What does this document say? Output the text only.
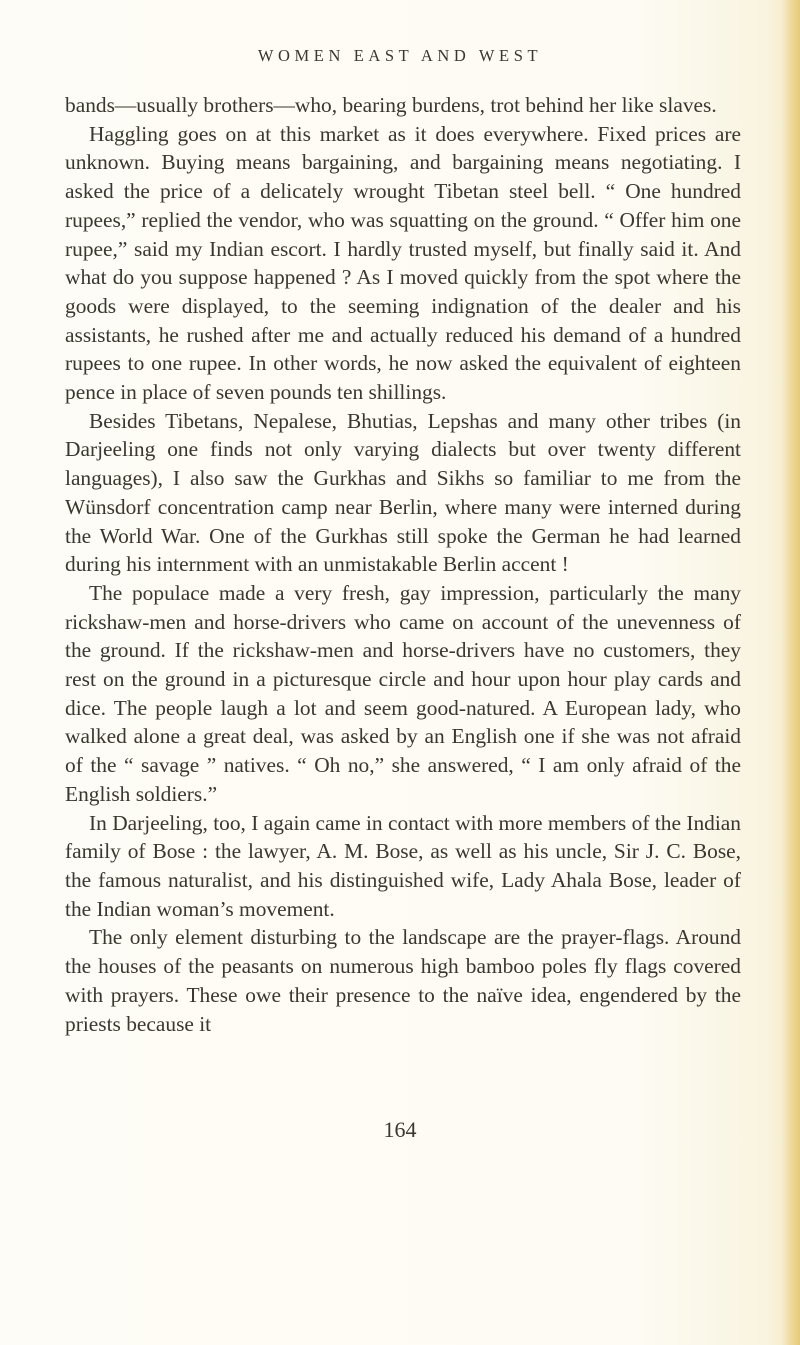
WOMEN EAST AND WEST

bands—usually brothers—who, bearing burdens, trot behind her like slaves.

Haggling goes on at this market as it does everywhere. Fixed prices are unknown. Buying means bargaining, and bargaining means negotiating. I asked the price of a delicately wrought Tibetan steel bell. “ One hundred rupees,” replied the vendor, who was squatting on the ground. “ Offer him one rupee,” said my Indian escort. I hardly trusted myself, but finally said it. And what do you suppose happened ? As I moved quickly from the spot where the goods were displayed, to the seeming indignation of the dealer and his assistants, he rushed after me and actually reduced his demand of a hundred rupees to one rupee. In other words, he now asked the equivalent of eighteen pence in place of seven pounds ten shillings.

Besides Tibetans, Nepalese, Bhutias, Lepshas and many other tribes (in Darjeeling one finds not only varying dialects but over twenty different languages), I also saw the Gurkhas and Sikhs so familiar to me from the Wünsdorf concentration camp near Berlin, where many were interned during the World War. One of the Gurkhas still spoke the German he had learned during his internment with an unmistakable Berlin accent !

The populace made a very fresh, gay impression, particularly the many rickshaw-men and horse-drivers who came on account of the unevenness of the ground. If the rickshaw-men and horse-drivers have no customers, they rest on the ground in a picturesque circle and hour upon hour play cards and dice. The people laugh a lot and seem good-natured. A European lady, who walked alone a great deal, was asked by an English one if she was not afraid of the “ savage ” natives. “ Oh no,” she answered, “ I am only afraid of the English soldiers.”

In Darjeeling, too, I again came in contact with more members of the Indian family of Bose : the lawyer, A. M. Bose, as well as his uncle, Sir J. C. Bose, the famous naturalist, and his distinguished wife, Lady Ahala Bose, leader of the Indian woman’s movement.

The only element disturbing to the landscape are the prayer-flags. Around the houses of the peasants on numerous high bamboo poles fly flags covered with prayers. These owe their presence to the naïve idea, engendered by the priests because it

164
